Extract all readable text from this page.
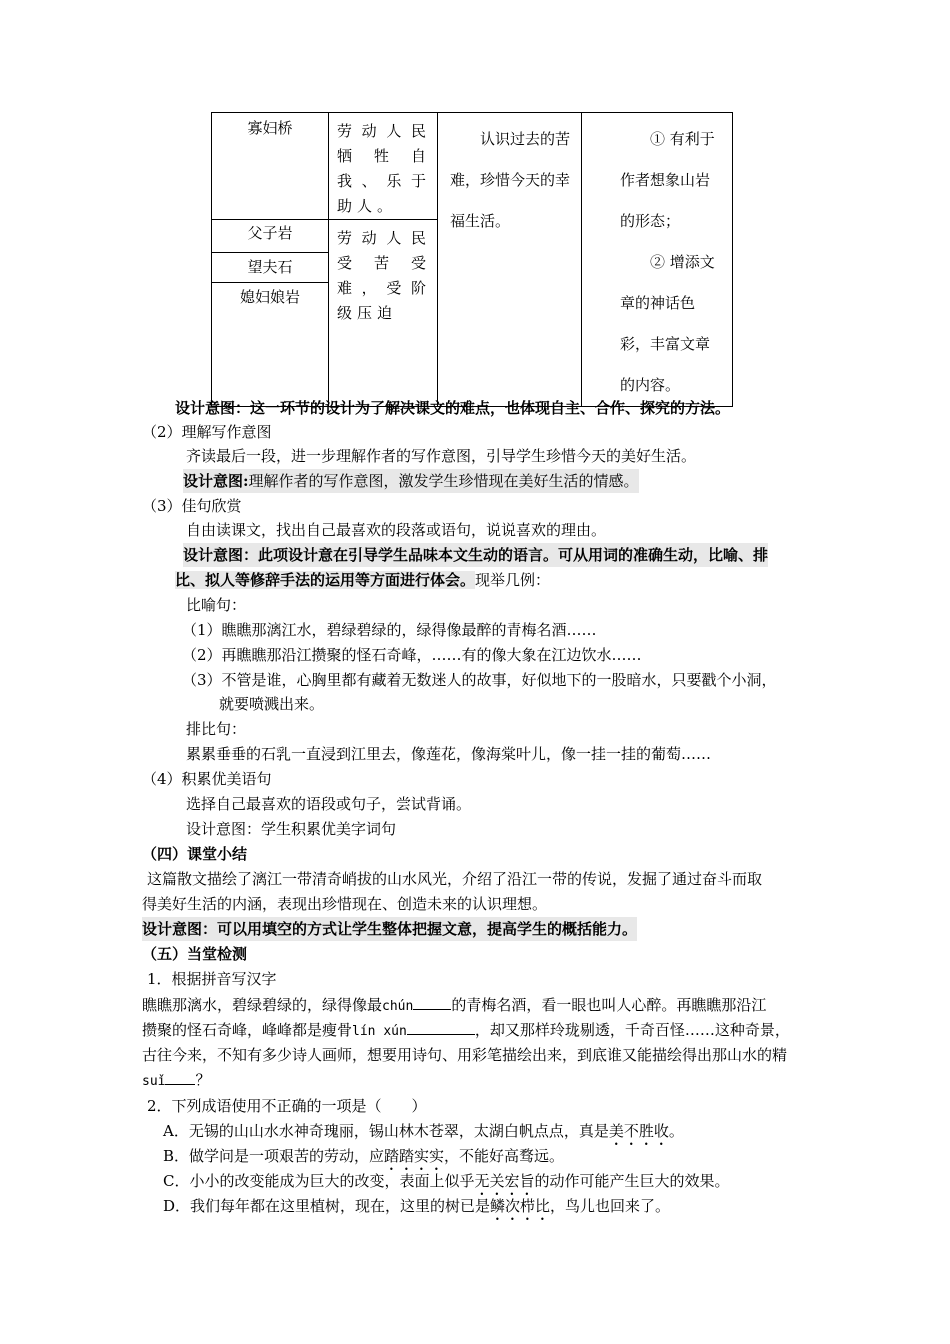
寡妇桥	劳动人民牺牲自我、乐于助人。	认识过去的苦难，珍惜今天的幸福生活。	① 有利于作者想象山岩的形态；
② 增添文章的神话色彩，丰富文章的内容。

父子岩	劳动人民受苦受难，受阶级压迫		

望夫石			

媳妇娘岩			
设计意图：这一环节的设计为了解决课文的难点，也体现自主、合作、探究的方法。
（2）理解写作意图
齐读最后一段，进一步理解作者的写作意图，引导学生珍惜今天的美好生活。
设计意图:理解作者的写作意图，激发学生珍惜现在美好生活的情感。
（3）佳句欣赏
自由读课文，找出自己最喜欢的段落或语句，说说喜欢的理由。
设计意图：此项设计意在引导学生品味本文生动的语言。可从用词的准确生动，比喻、排
比、拟人等修辞手法的运用等方面进行体会。现举几例：
比喻句：
（1）瞧瞧那漓江水，碧绿碧绿的，绿得像最醉的青梅名酒……
（2）再瞧瞧那沿江攒聚的怪石奇峰，……有的像大象在江边饮水……
（3）不管是谁，心胸里都有藏着无数迷人的故事，好似地下的一股暗水，只要戳个小洞，
就要喷溅出来。
排比句：
累累垂垂的石乳一直浸到江里去，像莲花，像海棠叶儿，像一挂一挂的葡萄……
（4）积累优美语句
选择自己最喜欢的语段或句子，尝试背诵。
设计意图：学生积累优美字词句
（四）课堂小结
这篇散文描绘了漓江一带清奇峭拔的山水风光，介绍了沿江一带的传说，发掘了通过奋斗而取
得美好生活的内涵，表现出珍惜现在、创造未来的认识理想。
设计意图：可以用填空的方式让学生整体把握文意，提高学生的概括能力。
（五）当堂检测
1．根据拼音写汉字
瞧瞧那漓水，碧绿碧绿的，绿得像最chún	的青梅名酒，看一眼也叫人心醉。再瞧瞧那沿江
攒聚的怪石奇峰，峰峰都是瘦骨lín xún	，却又那样玲珑剔透，千奇百怪……这种奇景，
古往今来，不知有多少诗人画师，想要用诗句、用彩笔描绘出来，到底谁又能描绘得出那山水的精
suǐ ？
2．下列成语使用不正确的一项是（　　）
A．无锡的山山水水神奇瑰丽，锡山林木苍翠，太湖白帆点点，真是美不胜收。
B．做学问是一项艰苦的劳动，应踏踏实实，不能好高骛远。
C．小小的改变能成为巨大的改变，表面上似乎无关宏旨的动作可能产生巨大的效果。
D．我们每年都在这里植树，现在，这里的树已是鳞次栉比，鸟儿也回来了。
